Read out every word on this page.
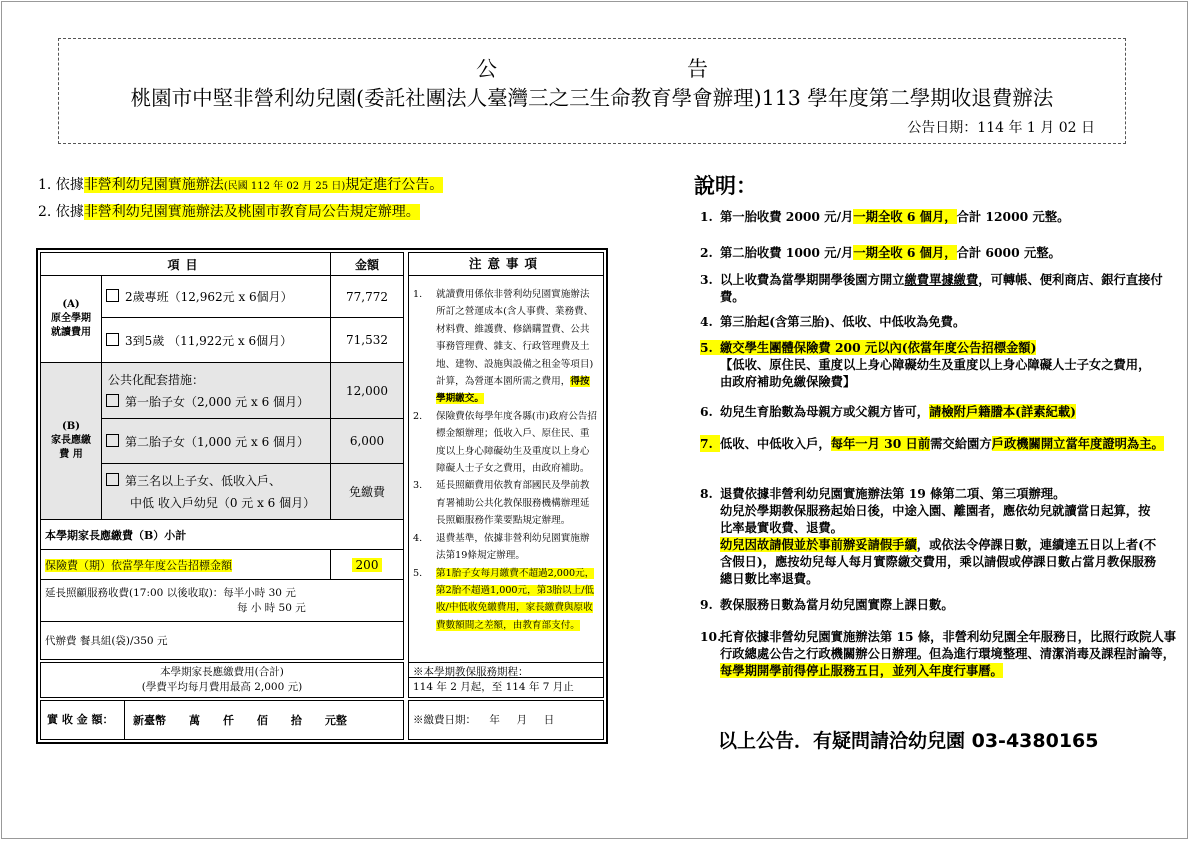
公告
桃園市中堅非營利幼兒園(委託社團法人臺灣三之三生命教育學會辦理)113 學年度第二學期收退費辦法
公告日期：114 年 1 月 02 日
1. 依據非營利幼兒園實施辦法(民國 112 年 02 月 25 日)規定進行公告。
2. 依據非營利幼兒園實施辦法及桃園市教育局公告規定辦理。
項目		金額
(A)
原全學期
就讀費用	2歲專班（12,962元 x 6個月）	77,772
	3到5歲 （11,922元 x 6個月）	71,532
(B)
家長應繳
費 用	公共化配套措施：
第一胎子女（2,000 元 x 6 個月）	12,000
	第二胎子女（1,000 元 x 6 個月）	6,000
	第三名以上子女、低收入戶、
中低 收入戶幼兒（0 元 x 6 個月）	免繳費
本學期家長應繳費（B）小計		
保險費（期）依當學年度公告招標金額		200

延長照顧服務收費(17:00 以後收取)：每半小時 30 元
每 小 時 50 元		

代辦費 餐具組(袋)/350 元		
注意事項
1. 就讀費用係依非營利幼兒園實施辦法所訂之營運成本(含人事費、業務費、材料費、維護費、修繕購置費、公共事務管理費、雜支、行政管理費及土地、建物、設施與設備之租金等項目)計算，為營運本園所需之費用，得按學期繳交。
2. 保險費依每學年度各縣(市)政府公告招標金額辦理；低收入戶、原住民、重度以上身心障礙幼生及重度以上身心障礙人士子女之費用，由政府補助。
3. 延長照顧費用依教育部國民及學前教育署補助公共化教保服務機構辦理延長照顧服務作業要點規定辦理。
4. 退費基準，依據非營利幼兒園實施辦法第19條規定辦理。
5. 第1胎子女每月繳費不超過2,000元，第2胎不超過1,000元，第3胎以上/低收/中低收免繳費用，家長繳費與原收費數額間之差額，由教育部支付。
本學期家長應繳費用(合計)
(學費平均每月費用最高 2,000 元)
※本學期教保服務期程：
114 年 2 月起，至 114 年 7 月止
實 收 金 額：	新臺幣      萬      仟      佰      拾      元整	※繳費日期：    年     月     日
說明：
1. 第一胎收費 2000 元/月一期全收 6 個月，合計 12000 元整。
2. 第二胎收費 1000 元/月一期全收 6 個月，合計 6000 元整。
3. 以上收費為當學期開學後園方開立繳費單據繳費，可轉帳、便利商店、銀行直接付費。
4. 第三胎起(含第三胎)、低收、中低收為免費。
5. 繳交學生團體保險費 200 元以內(依當年度公告招標金額)
【低收、原住民、重度以上身心障礙幼生及重度以上身心障礙人士子女之費用，由政府補助免繳保險費】
6. 幼兒生育胎數為母親方或父親方皆可，請檢附戶籍謄本(詳素紀載)
7. 低收、中低收入戶，每年一月 30 日前需交給園方戶政機關開立當年度證明為主。
8. 退費依據非營利幼兒園實施辦法第 19 條第二項、第三項辦理。
幼兒於學期教保服務起始日後，中途入園、離園者，應依幼兒就讀當日起算，按比率最實收費、退費。
幼兒因故請假並於事前辦妥請假手續，或依法令停課日數，連續達五日以上者(不含假日)，應按幼兒每人每月實際繳交費用，乘以請假或停課日數占當月教保服務總日數比率退費。
9. 教保服務日數為當月幼兒園實際上課日數。
10.托育依據非營幼兒園實施辦法第 15 條，非營利幼兒園全年服務日，比照行政院人事行政總處公告之行政機關辦公日辦理。但為進行環境整理、清潔消毒及課程討論等，每學期開學前得停止服務五日，並列入年度行事曆。
以上公告．有疑問請洽幼兒園 03-4380165
